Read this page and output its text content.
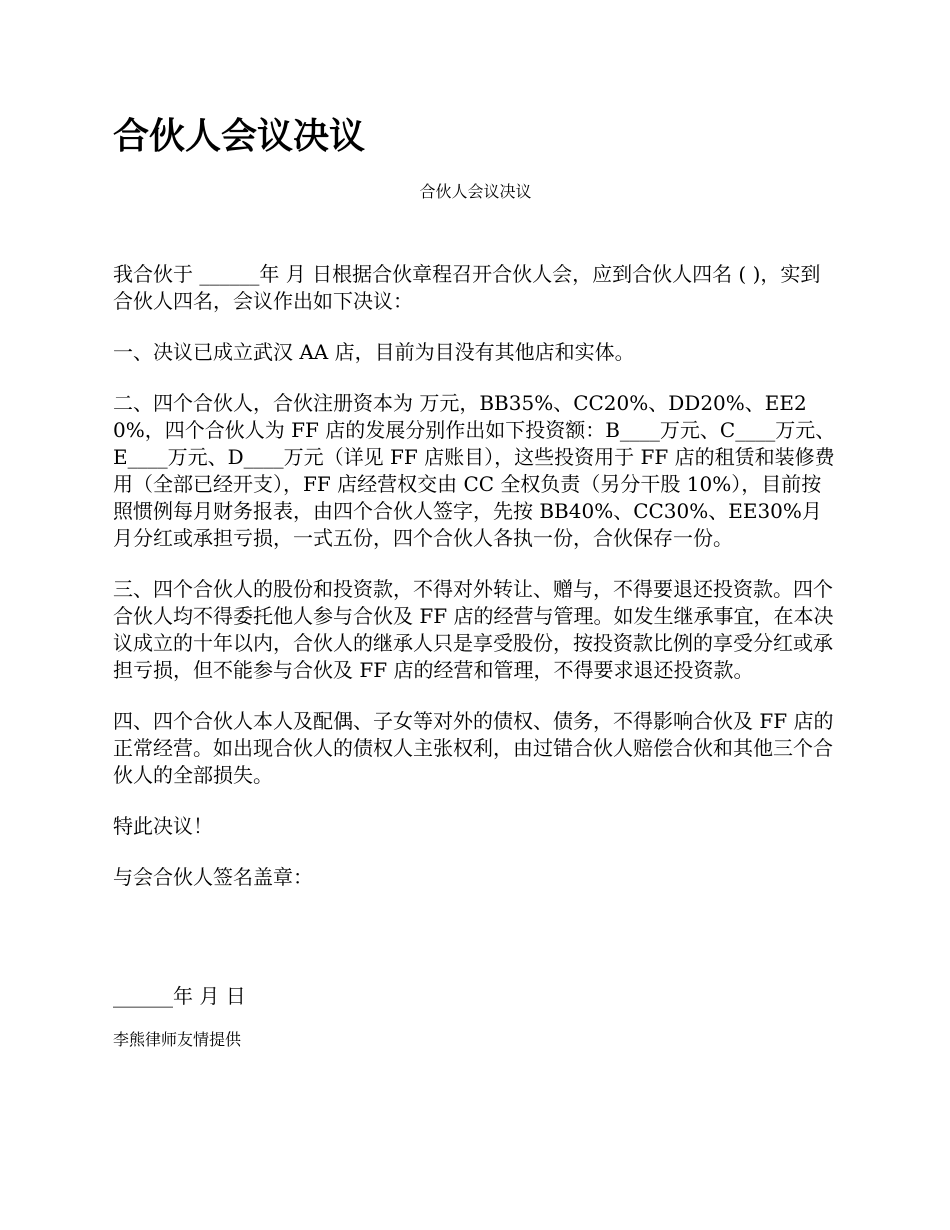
合伙人会议决议

合伙人会议决议

我合伙于 ______年 月 日根据合伙章程召开合伙人会，应到合伙人四名 ( )，实到合伙人四名，会议作出如下决议：

一、决议已成立武汉 AA 店，目前为目没有其他店和实体。

二、四个合伙人，合伙注册资本为 万元，BB35%、CC20%、DD20%、EE20%，四个合伙人为 FF 店的发展分别作出如下投资额：B____万元、C____万元、E____万元、D____万元（详见 FF 店账目），这些投资用于 FF 店的租赁和装修费用（全部已经开支），FF 店经营权交由 CC 全权负责（另分干股 10%），目前按照惯例每月财务报表，由四个合伙人签字，先按 BB40%、CC30%、EE30%月月分红或承担亏损，一式五份，四个合伙人各执一份，合伙保存一份。

三、四个合伙人的股份和投资款，不得对外转让、赠与，不得要退还投资款。四个合伙人均不得委托他人参与合伙及 FF 店的经营与管理。如发生继承事宜，在本决议成立的十年以内，合伙人的继承人只是享受股份，按投资款比例的享受分红或承担亏损，但不能参与合伙及 FF 店的经营和管理，不得要求退还投资款。

四、四个合伙人本人及配偶、子女等对外的债权、债务，不得影响合伙及 FF 店的正常经营。如出现合伙人的债权人主张权利，由过错合伙人赔偿合伙和其他三个合伙人的全部损失。

特此决议！

与会合伙人签名盖章：

______年 月 日

李熊律师友情提供
